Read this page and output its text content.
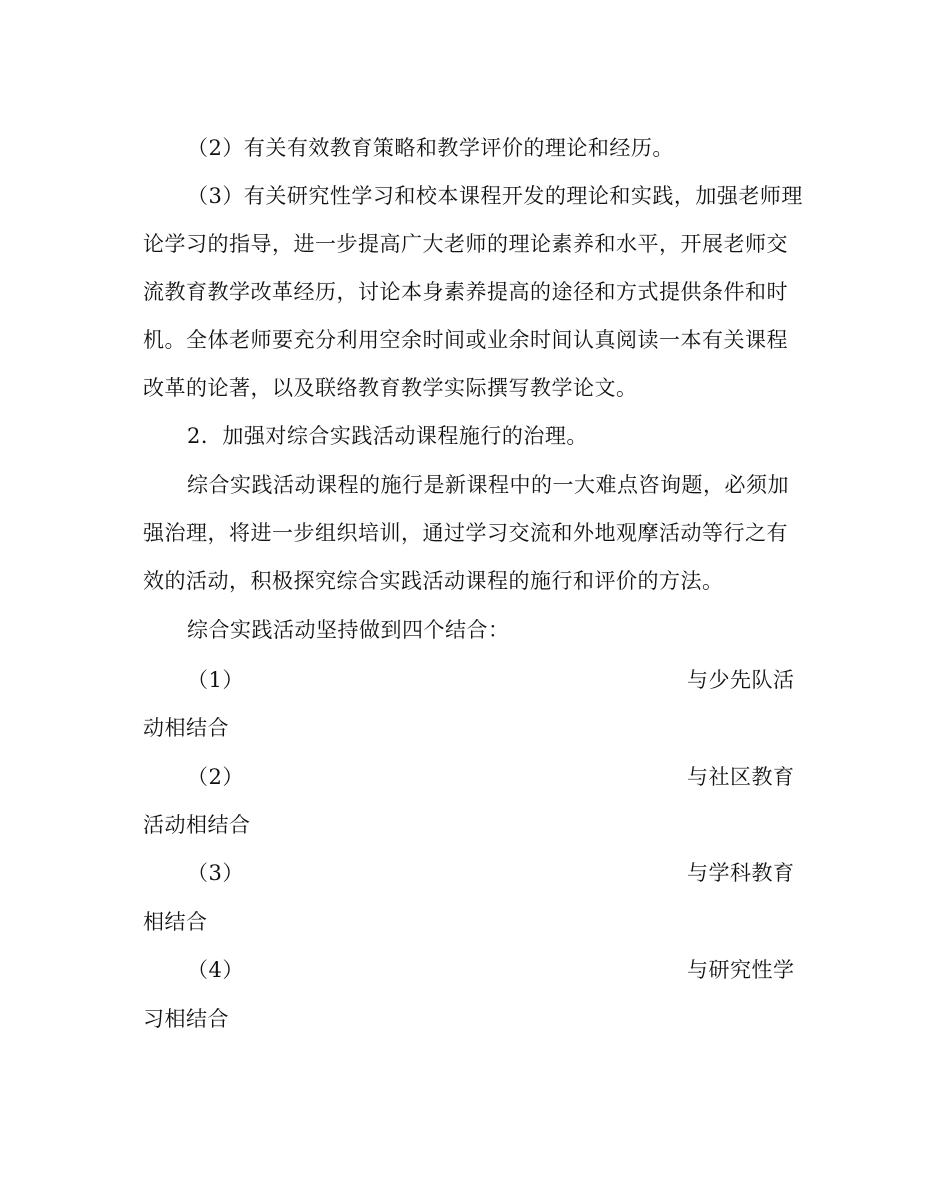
（2）有关有效教育策略和教学评价的理论和经历。
（3）有关研究性学习和校本课程开发的理论和实践，加强老师理
论学习的指导，进一步提高广大老师的理论素养和水平，开展老师交
流教育教学改革经历，讨论本身素养提高的途径和方式提供条件和时
机。全体老师要充分利用空余时间或业余时间认真阅读一本有关课程
改革的论著，以及联络教育教学实际撰写教学论文。
2．加强对综合实践活动课程施行的治理。
综合实践活动课程的施行是新课程中的一大难点咨询题，必须加
强治理，将进一步组织培训，通过学习交流和外地观摩活动等行之有
效的活动，积极探究综合实践活动课程的施行和评价的方法。
综合实践活动坚持做到四个结合：
（1）	与少先队活
动相结合
（2）	与社区教育
活动相结合
（3）	与学科教育
相结合
（4）	与研究性学
习相结合
